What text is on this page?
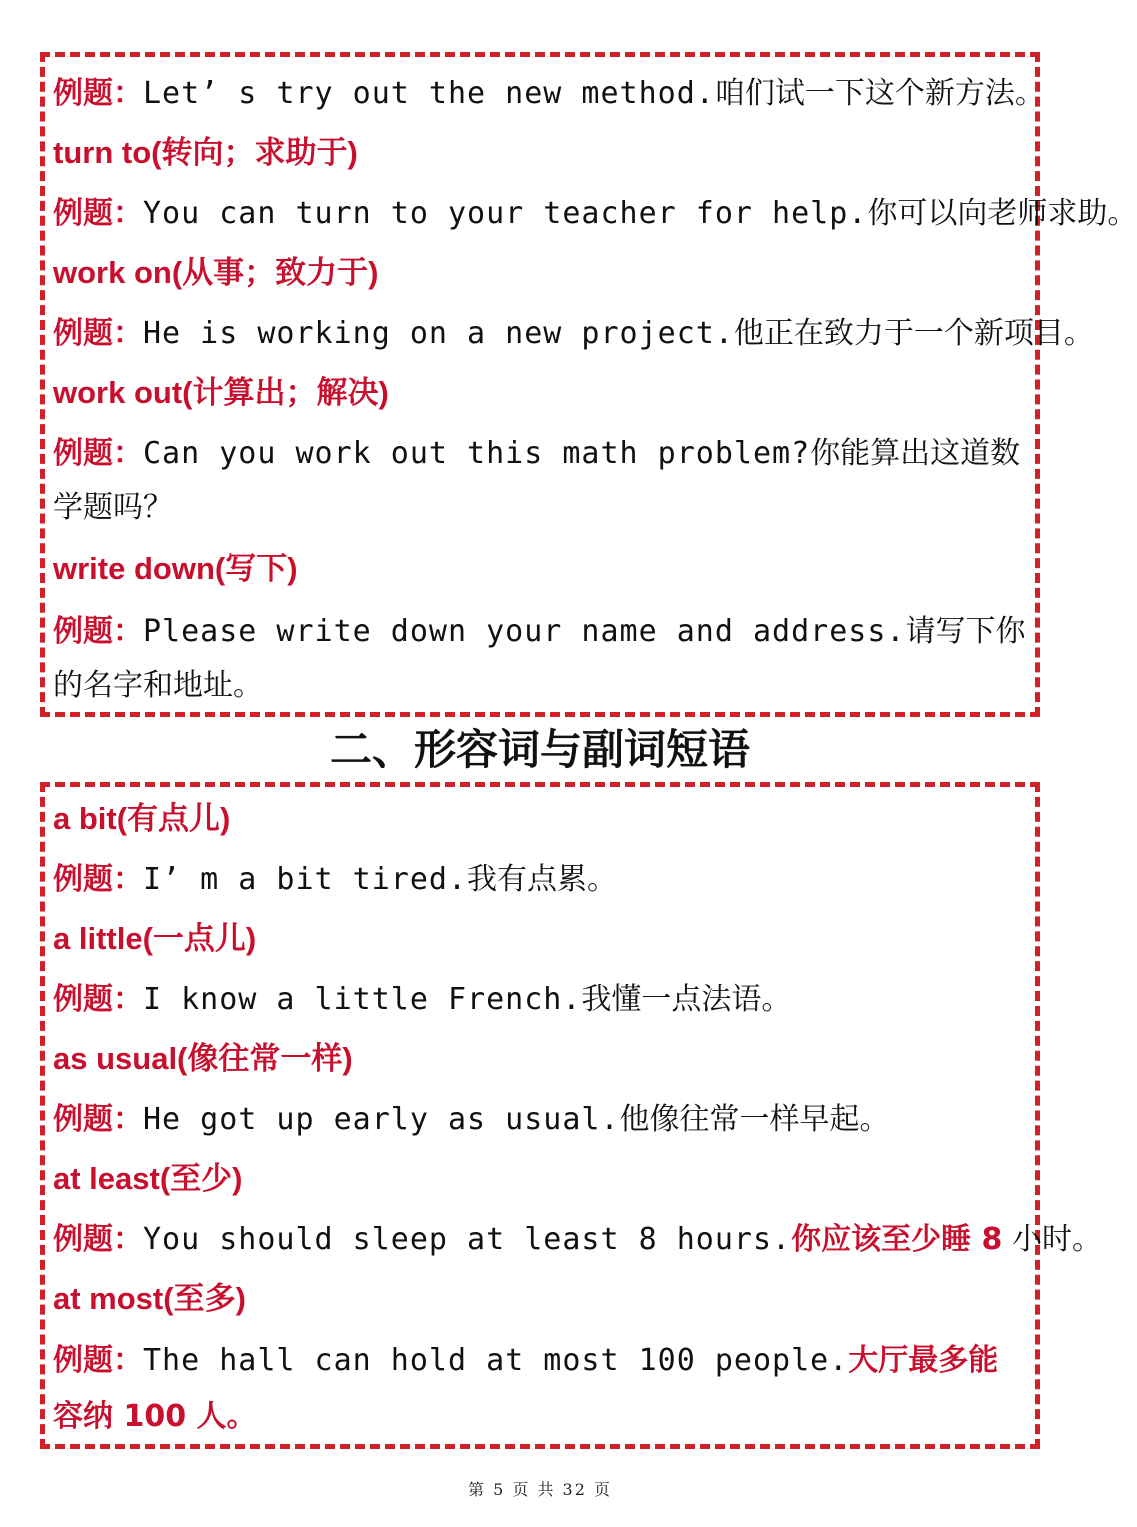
例题：Let’ s try out the new method.咱们试一下这个新方法。
turn to(转向；求助于)
例题：You can turn to your teacher for help.你可以向老师求助。
work on(从事；致力于)
例题：He is working on a new project.他正在致力于一个新项目。
work out(计算出；解决)
例题：Can you work out this math problem?你能算出这道数学题吗？
write down(写下)
例题：Please write down your name and address.请写下你的名字和地址。
二、形容词与副词短语
a bit(有点儿)
例题：I’ m a bit tired.我有点累。
a little(一点儿)
例题：I know a little French.我懂一点法语。
as usual(像往常一样)
例题：He got up early as usual.他像往常一样早起。
at least(至少)
例题：You should sleep at least 8 hours.你应该至少睡 8 小时。
at most(至多)
例题：The hall can hold at most 100 people.大厅最多能容纳 100 人。
第 5 页 共 32 页
